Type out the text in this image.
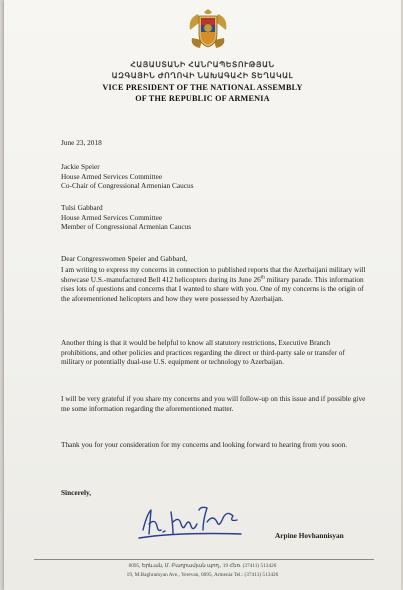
ՀԱՅԱՍՏԱՆԻ ՀԱՆՐԱՊԵՏՈՒԹՅԱՆ
ԱԶԳԱՅԻՆ ԺՈՂՈՎԻ ՆԱԽԱԳԱՀԻ ՏԵՂԱԿԱԼ
VICE PRESIDENT OF THE NATIONAL ASSEMBLY
OF THE REPUBLIC OF ARMENIA
June 23, 2018

Jackie Speier

House Armed Services Committee

Co-Chair of Congressional Armenian Caucus

Tulsi Gabbard

House Armed Services Committee

Member of Congressional Armenian Caucus

Dear Congresswomen Speier and Gabbard,
I am writing to express my concerns in connection to published reports that the Azerbaijani military will showcase U.S.-manufactured Bell 412 helicopters during its June 26th military parade. This information rises lots of questions and concerns that I wanted to share with you. One of my concerns is the origin of the aforementioned helicopters and how they were possessed by Azerbaijan.
Another thing is that it would be helpful to know all statutory restrictions, Executive Branch prohibitions, and other policies and practices regarding the direct or third-party sale or transfer of military or potentially dual-use U.S. equipment or technology to Azerbaijan.
I will be very grateful if you share my concerns and you will follow-up on this issue and if possible give me some information regarding the aforementioned matter.
Thank you for your consideration for my concerns and looking forward to hearing from you soon.
Sincerely,
Arpine Hovhannisyan
0095, Երևան, Մ. Բաղրամյան պող., 19 Հեռ. (37411) 513426
19, M.Baghramyan Ave., Yerevan, 0095, Armenia Tel.: (37411) 513426
